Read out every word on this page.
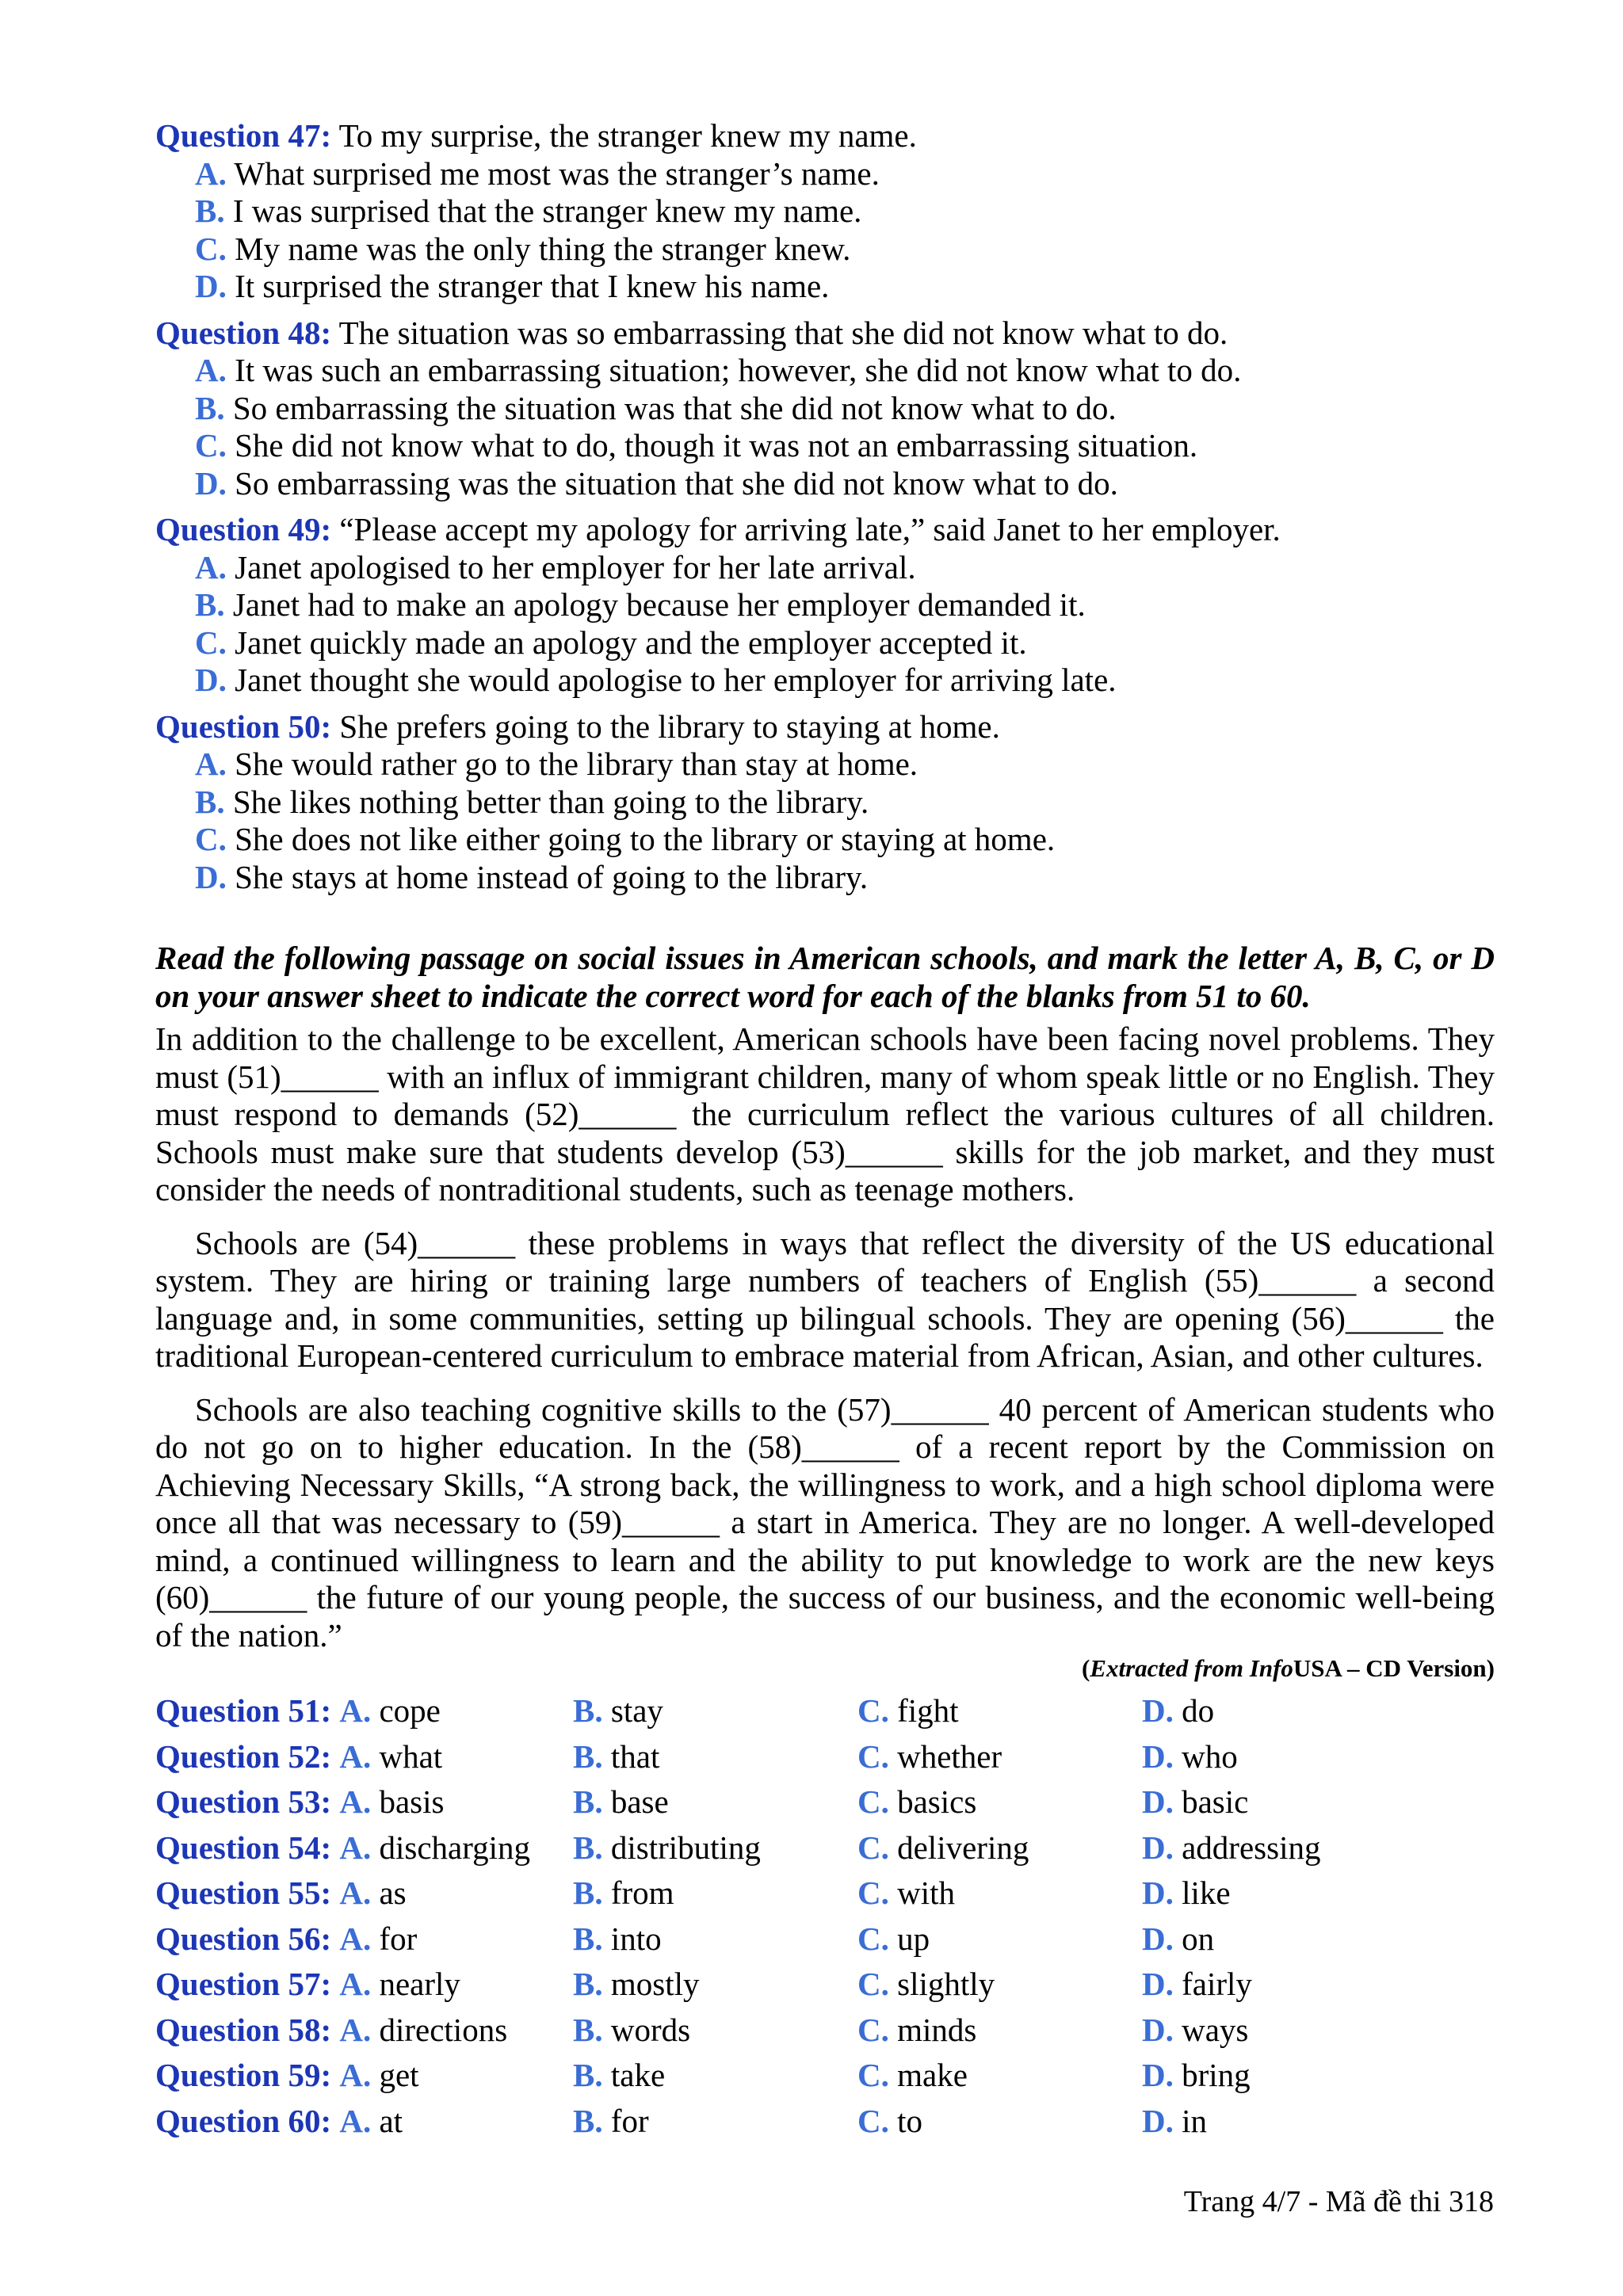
Question 47: To my surprise, the stranger knew my name.
A. What surprised me most was the stranger’s name.
B. I was surprised that the stranger knew my name.
C. My name was the only thing the stranger knew.
D. It surprised the stranger that I knew his name.
Question 48: The situation was so embarrassing that she did not know what to do.
A. It was such an embarrassing situation; however, she did not know what to do.
B. So embarrassing the situation was that she did not know what to do.
C. She did not know what to do, though it was not an embarrassing situation.
D. So embarrassing was the situation that she did not know what to do.
Question 49: “Please accept my apology for arriving late,” said Janet to her employer.
A. Janet apologised to her employer for her late arrival.
B. Janet had to make an apology because her employer demanded it.
C. Janet quickly made an apology and the employer accepted it.
D. Janet thought she would apologise to her employer for arriving late.
Question 50: She prefers going to the library to staying at home.
A. She would rather go to the library than stay at home.
B. She likes nothing better than going to the library.
C. She does not like either going to the library or staying at home.
D. She stays at home instead of going to the library.

Read the following passage on social issues in American schools, and mark the letter A, B, C, or D on your answer sheet to indicate the correct word for each of the blanks from 51 to 60.

In addition to the challenge to be excellent, American schools have been facing novel problems. They must (51)______ with an influx of immigrant children, many of whom speak little or no English. They must respond to demands (52)______ the curriculum reflect the various cultures of all children. Schools must make sure that students develop (53)______ skills for the job market, and they must consider the needs of nontraditional students, such as teenage mothers.

Schools are (54)______ these problems in ways that reflect the diversity of the US educational system. They are hiring or training large numbers of teachers of English (55)______ a second language and, in some communities, setting up bilingual schools. They are opening (56)______ the traditional European-centered curriculum to embrace material from African, Asian, and other cultures.

Schools are also teaching cognitive skills to the (57)______ 40 percent of American students who do not go on to higher education. In the (58)______ of a recent report by the Commission on Achieving Necessary Skills, “A strong back, the willingness to work, and a high school diploma were once all that was necessary to (59)______ a start in America. They are no longer. A well-developed mind, a continued willingness to learn and the ability to put knowledge to work are the new keys (60)______ the future of our young people, the success of our business, and the economic well-being of the nation.”

(Extracted from InfoUSA – CD Version)
Question 51: A. cope	B. stay	C. fight	D. do
Question 52: A. what	B. that	C. whether	D. who
Question 53: A. basis	B. base	C. basics	D. basic
Question 54: A. discharging B. distributing	C. delivering	D. addressing
Question 55: A. as	B. from	C. with	D. like
Question 56: A. for	B. into	C. up	D. on
Question 57: A. nearly	B. mostly	C. slightly	D. fairly
Question 58: A. directions B. words	C. minds	D. ways
Question 59: A. get	B. take	C. make	D. bring
Question 60: A. at	B. for	C. to	D. in
Trang 4/7 - Mã đề thi 318
